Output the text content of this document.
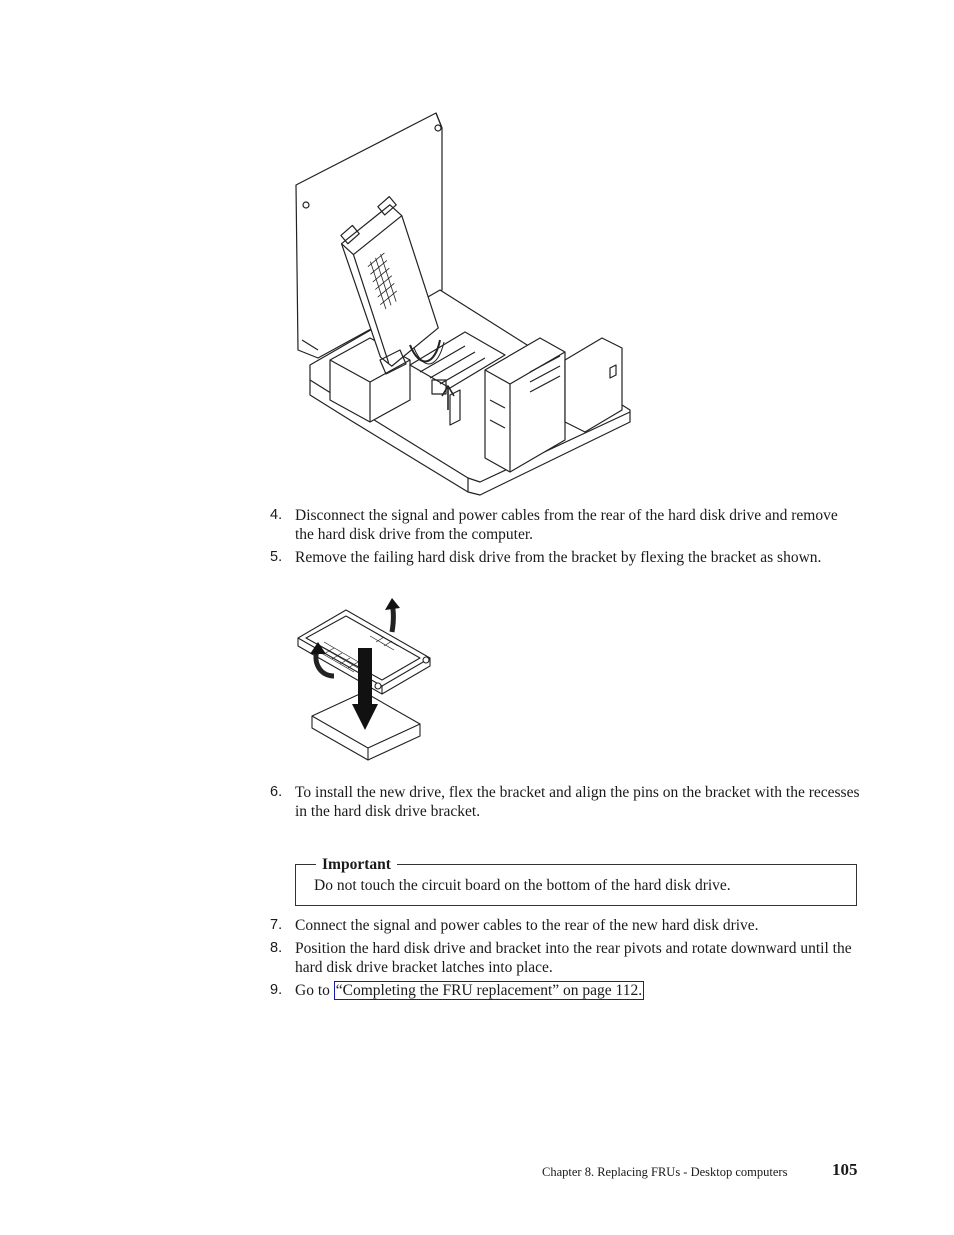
4. Disconnect the signal and power cables from the rear of the hard disk drive and remove the hard disk drive from the computer.
5. Remove the failing hard disk drive from the bracket by flexing the bracket as shown.
6. To install the new drive, flex the bracket and align the pins on the bracket with the recesses in the hard disk drive bracket.
Important
Do not touch the circuit board on the bottom of the hard disk drive.
7. Connect the signal and power cables to the rear of the new hard disk drive.
8. Position the hard disk drive and bracket into the rear pivots and rotate downward until the hard disk drive bracket latches into place.
9. Go to “Completing the FRU replacement” on page 112.
Chapter 8. Replacing FRUs - Desktop computers	105
